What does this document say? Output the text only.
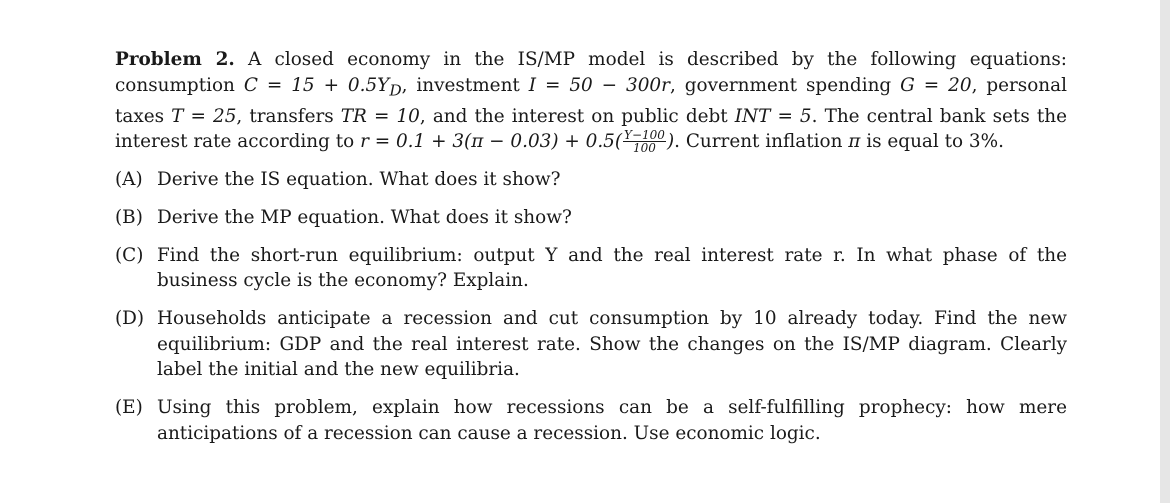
Problem 2. A closed economy in the IS/MP model is described by the following equations: consumption $C = 15 + 0.5Y_D$, investment I = 50 − 300r, government spending G = 20, personal taxes T = 25, transfers TR = 10, and the interest on public debt INT = 5. The central bank sets the interest rate according to $r = 0.1 + 3(\pi - 0.03) + 0.5( \frac{Y-100}{100}$ ). Current inflation π is equal to 3%.

(A) Derive the IS equation. What does it show?
(B) Derive the MP equation. What does it show?
(C) Find the short-run equilibrium: output Y and the real interest rate r. In what phase of the business cycle is the economy? Explain.
(D) Households anticipate a recession and cut consumption by 10 already today. Find the new equilibrium: GDP and the real interest rate. Show the changes on the IS/MP diagram. Clearly label the initial and the new equilibria.
(E) Using this problem, explain how recessions can be a self-fulfilling prophecy: how mere anticipations of a recession can cause a recession. Use economic logic.
